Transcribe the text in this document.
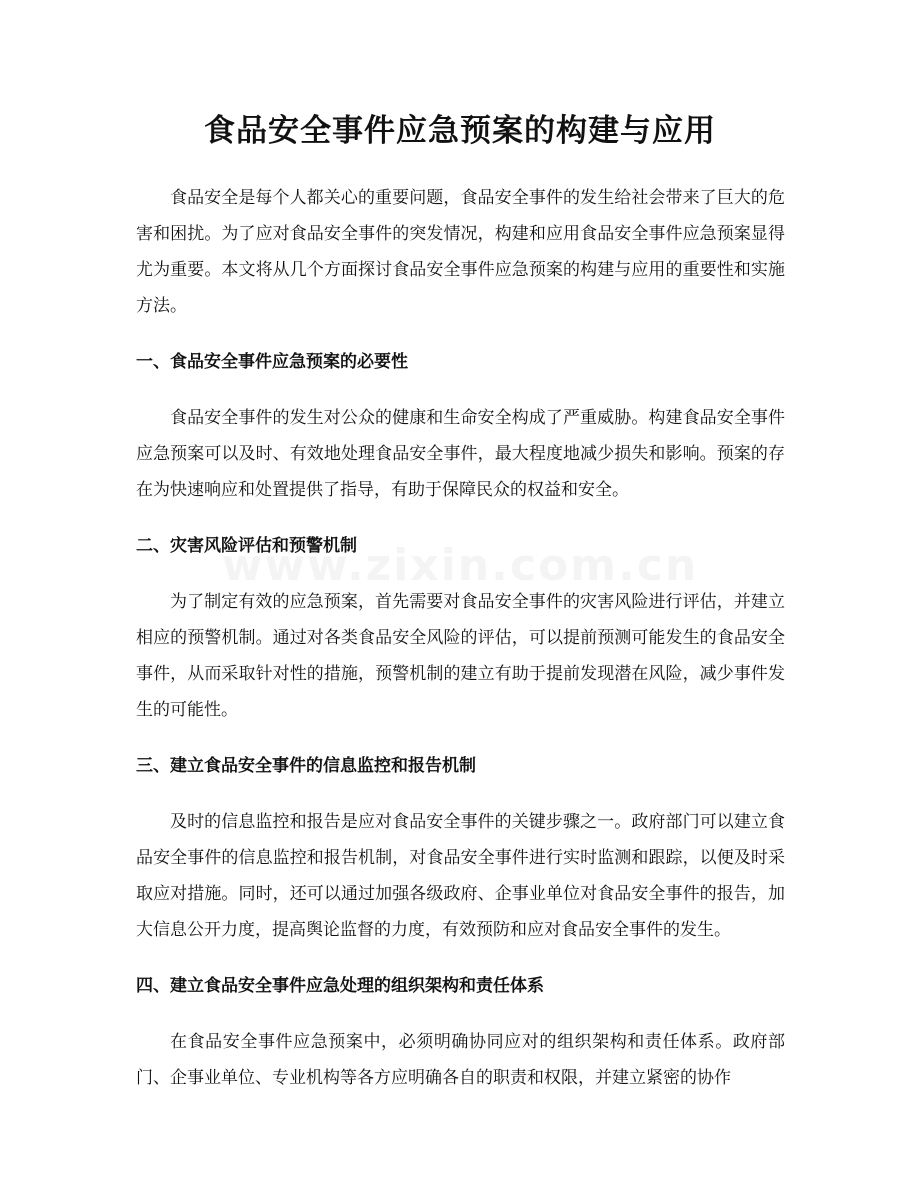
食品安全事件应急预案的构建与应用

食品安全是每个人都关心的重要问题，食品安全事件的发生给社会带来了巨大的危害和困扰。为了应对食品安全事件的突发情况，构建和应用食品安全事件应急预案显得尤为重要。本文将从几个方面探讨食品安全事件应急预案的构建与应用的重要性和实施方法。

一、食品安全事件应急预案的必要性

食品安全事件的发生对公众的健康和生命安全构成了严重威胁。构建食品安全事件应急预案可以及时、有效地处理食品安全事件，最大程度地减少损失和影响。预案的存在为快速响应和处置提供了指导，有助于保障民众的权益和安全。

二、灾害风险评估和预警机制

为了制定有效的应急预案，首先需要对食品安全事件的灾害风险进行评估，并建立相应的预警机制。通过对各类食品安全风险的评估，可以提前预测可能发生的食品安全事件，从而采取针对性的措施，预警机制的建立有助于提前发现潜在风险，减少事件发生的可能性。

三、建立食品安全事件的信息监控和报告机制

及时的信息监控和报告是应对食品安全事件的关键步骤之一。政府部门可以建立食品安全事件的信息监控和报告机制，对食品安全事件进行实时监测和跟踪，以便及时采取应对措施。同时，还可以通过加强各级政府、企事业单位对食品安全事件的报告，加大信息公开力度，提高舆论监督的力度，有效预防和应对食品安全事件的发生。

四、建立食品安全事件应急处理的组织架构和责任体系

在食品安全事件应急预案中，必须明确协同应对的组织架构和责任体系。政府部门、企事业单位、专业机构等各方应明确各自的职责和权限，并建立紧密的协作
